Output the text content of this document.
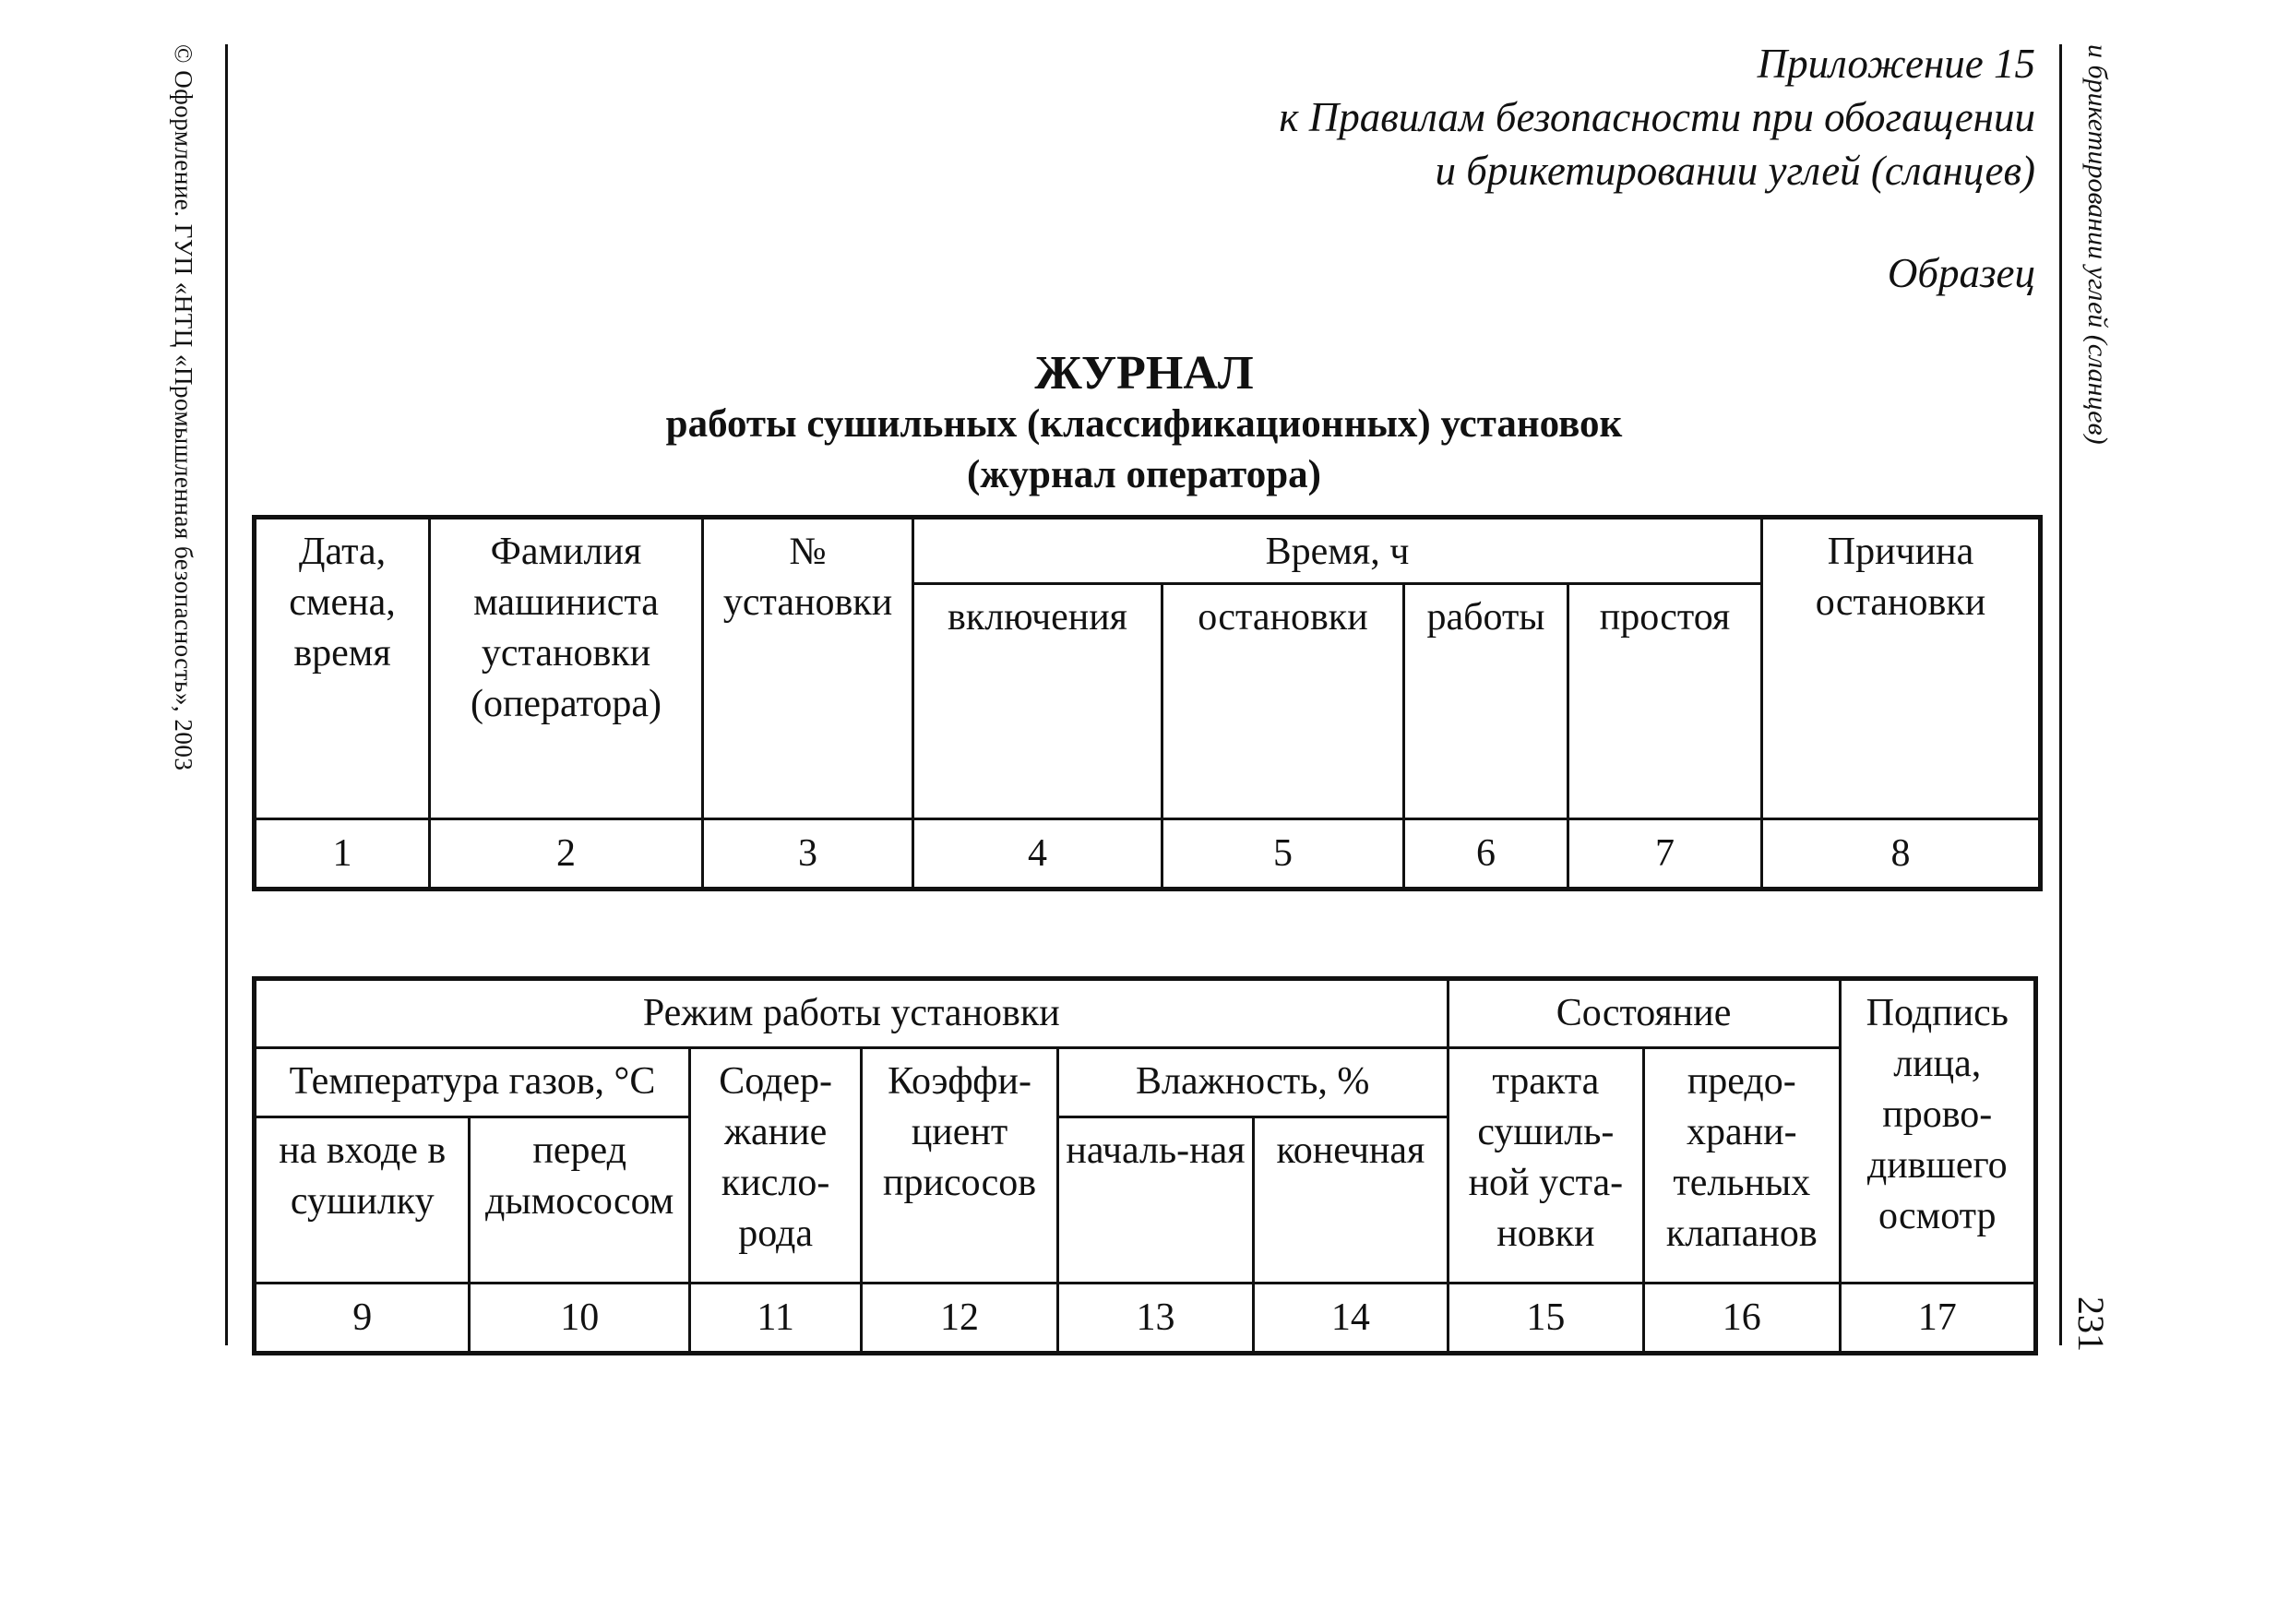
© Оформление. ГУП «НТЦ «Промышленная безопасность», 2003	и брикетировании углей (сланцев)
231
Приложение 15
к Правилам безопасности при обогащении
и брикетировании углей (сланцев)
Образец
ЖУРНАЛ
работы сушильных (классификационных) установок
(журнал оператора)
Дата, смена, время	Фамилия машиниста установки (оператора)	№ установки	Время, ч				Причина остановки
			включения	остановки	работы	простоя	
1	2	3	4	5	6	7	8
Режим работы установки						Состояние		Подпись лица, прово-дившего осмотр
Температура газов, °С		Содер-жание кисло-рода	Коэффи-циент присосов	Влажность, %		тракта сушиль-ной уста-новки	предо-храни-тельных клапанов	
на входе в сушилку	перед дымососом			началь-ная	конечная			
9	10	11	12	13	14	15	16	17
